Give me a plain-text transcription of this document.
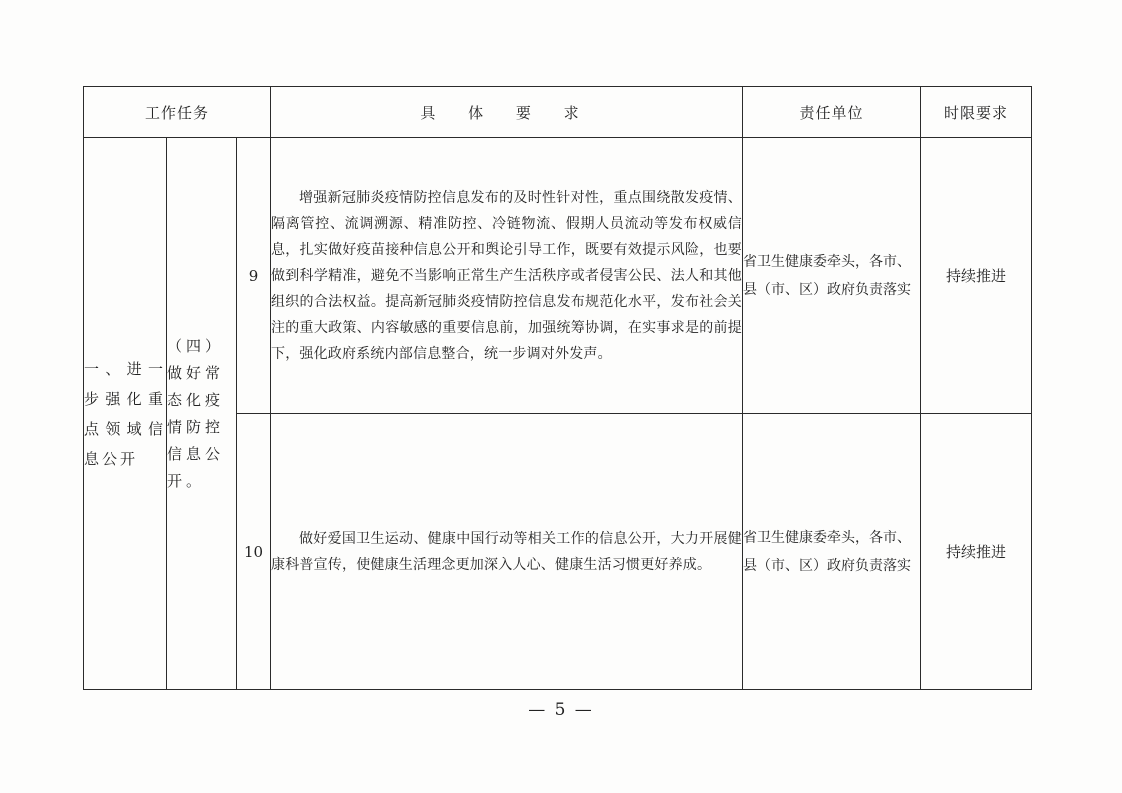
工作任务			具 体 要 求	责任单位	时限要求
一、进一步强化重点领域信息公开	（四）做好常态化疫情防控信息公开。	9	增强新冠肺炎疫情防控信息发布的及时性针对性，重点围绕散发疫情、隔离管控、流调溯源、精准防控、冷链物流、假期人员流动等发布权威信息，扎实做好疫苗接种信息公开和舆论引导工作，既要有效提示风险，也要做到科学精准，避免不当影响正常生产生活秩序或者侵害公民、法人和其他组织的合法权益。提高新冠肺炎疫情防控信息发布规范化水平，发布社会关注的重大政策、内容敏感的重要信息前，加强统筹协调，在实事求是的前提下，强化政府系统内部信息整合，统一步调对外发声。	省卫生健康委牵头，各市、县（市、区）政府负责落实	持续推进
		10	做好爱国卫生运动、健康中国行动等相关工作的信息公开，大力开展健康科普宣传，使健康生活理念更加深入人心、健康生活习惯更好养成。	省卫生健康委牵头，各市、县（市、区）政府负责落实	持续推进
— 5 —
